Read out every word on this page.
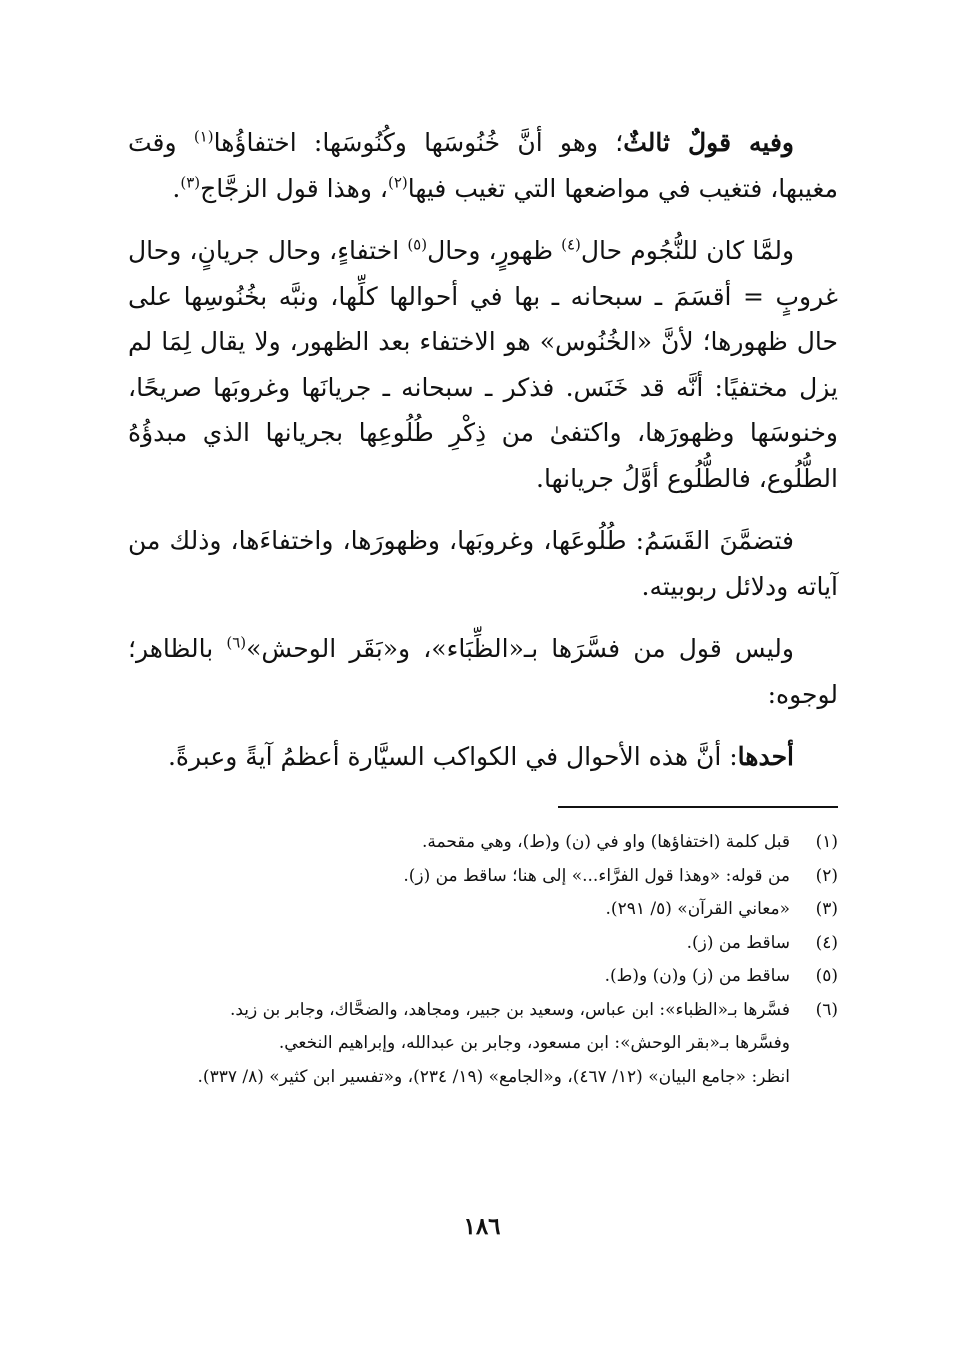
وفيه قولٌ ثالثٌ؛ وهو أنَّ خُنُوسَها وكُنُوسَها: اختفاؤُها$^{(١)}$ وقتَ مغيبها، فتغيب في مواضعها التي تغيب فيها$^{(٢)}$، وهذا قول الزجَّاج$^{(٣)}$.

ولمَّا كان للنُّجُوم حال$^{(٤)}$ ظهورٍ، وحال$^{(٥)}$ اختفاءٍ، وحال جريانٍ، وحال غروبٍ = أقسَمَ ـ سبحانه ـ بها في أحوالها كلِّها، ونبَّه بخُنُوسِها على حال ظهورها؛ لأنَّ «الخُنُوس» هو الاختفاء بعد الظهور، ولا يقال لِمَا لم يزل مختفيًا: أنَّه قد خَنَس. فذكر ـ سبحانه ـ جريانَها وغروبَها صريحًا، وخنوسَها وظهورَها، واكتفىٰ من ذِكْرِ طُلُوعِها بجريانها الذي مبدؤُهُ الطُّلُوع، فالطُّلُوع أوَّلُ جريانها.

فتضمَّنَ القَسَمُ: طُلُوعَها، وغروبَها، وظهورَها، واختفاءَها، وذلك من آياته ودلائل ربوبيته.

وليس قول من فسَّرَها بـ«الظِّبَاء»، و«بَقَر الوحش»$^{(٦)}$ بالظاهر؛ لوجوه:

أحدها: أنَّ هذه الأحوال في الكواكب السيَّارة أعظمُ آيةً وعبرةً.

(١)
قبل كلمة (اختفاؤها) واو في (ن) و(ط)، وهي مقحمة.
(٢)
من قوله: «وهذا قول الفرَّاء...» إلى هنا؛ ساقط من (ز).
(٣)
«معاني القرآن» (٥/ ٢٩١).
(٤)
ساقط من (ز).
(٥)
ساقط من (ز) و(ن) و(ط).
(٦)
فسَّرها بـ«الظباء»: ابن عباس، وسعيد بن جبير، ومجاهد، والضحَّاك، وجابر بن زيد.
وفسَّرها بـ«بقر الوحش»: ابن مسعود، وجابر بن عبدالله، وإبراهيم النخعي.
انظر: «جامع البيان» (١٢/ ٤٦٧)، و«الجامع» (١٩/ ٢٣٤)، و«تفسير ابن كثير» (٨/ ٣٣٧).
١٨٦
